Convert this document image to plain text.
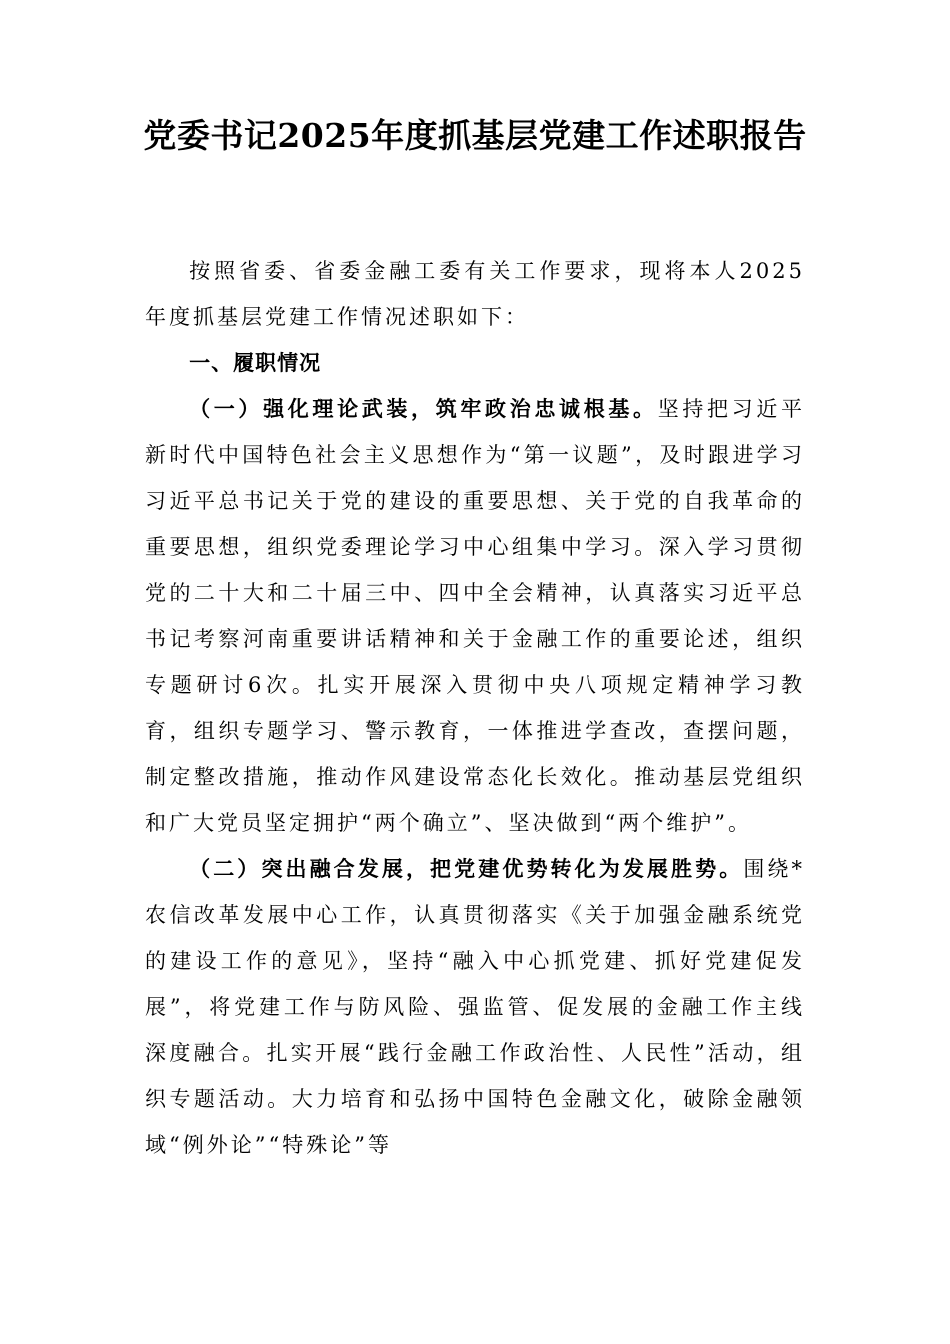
党委书记2025年度抓基层党建工作述职报告

按照省委、省委金融工委有关工作要求，现将本人2025年度抓基层党建工作情况述职如下：

一、履职情况

（一）强化理论武装，筑牢政治忠诚根基。坚持把习近平新时代中国特色社会主义思想作为“第一议题”，及时跟进学习习近平总书记关于党的建设的重要思想、关于党的自我革命的重要思想，组织党委理论学习中心组集中学习。深入学习贯彻党的二十大和二十届三中、四中全会精神，认真落实习近平总书记考察河南重要讲话精神和关于金融工作的重要论述，组织专题研讨6次。扎实开展深入贯彻中央八项规定精神学习教育，组织专题学习、警示教育，一体推进学查改，查摆问题，制定整改措施，推动作风建设常态化长效化。推动基层党组织和广大党员坚定拥护“两个确立”、坚决做到“两个维护”。

（二）突出融合发展，把党建优势转化为发展胜势。围绕*农信改革发展中心工作，认真贯彻落实《关于加强金融系统党的建设工作的意见》，坚持“融入中心抓党建、抓好党建促发展”，将党建工作与防风险、强监管、促发展的金融工作主线深度融合。扎实开展“践行金融工作政治性、人民性”活动，组织专题活动。大力培育和弘扬中国特色金融文化，破除金融领域“例外论”“特殊论”等
